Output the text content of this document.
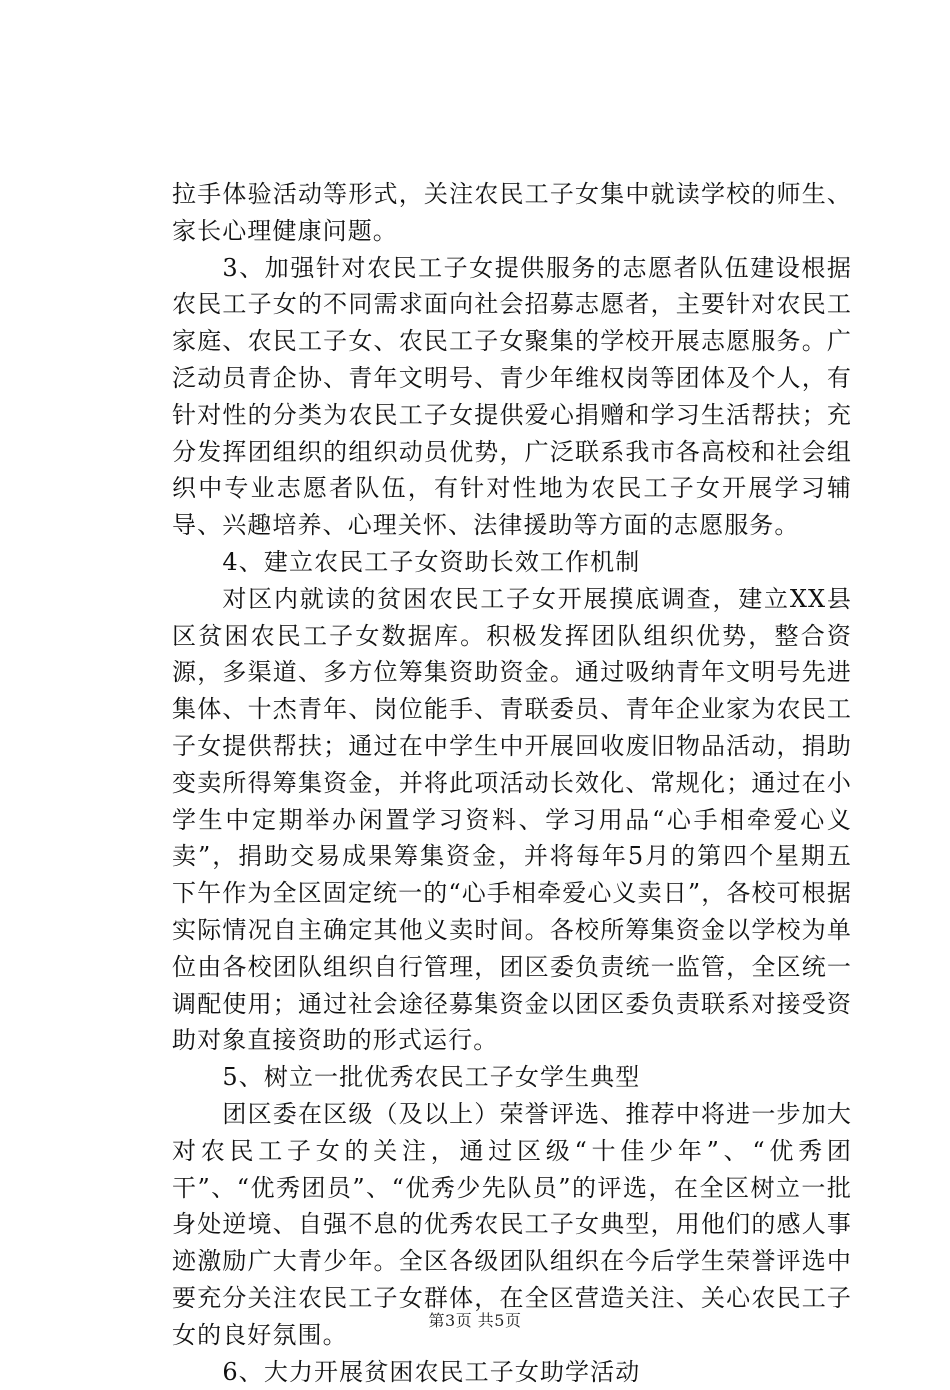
拉手体验活动等形式，关注农民工子女集中就读学校的师生、家长心理健康问题。

3、加强针对农民工子女提供服务的志愿者队伍建设根据农民工子女的不同需求面向社会招募志愿者，主要针对农民工家庭、农民工子女、农民工子女聚集的学校开展志愿服务。广泛动员青企协、青年文明号、青少年维权岗等团体及个人，有针对性的分类为农民工子女提供爱心捐赠和学习生活帮扶；充分发挥团组织的组织动员优势，广泛联系我市各高校和社会组织中专业志愿者队伍，有针对性地为农民工子女开展学习辅导、兴趣培养、心理关怀、法律援助等方面的志愿服务。

4、建立农民工子女资助长效工作机制

对区内就读的贫困农民工子女开展摸底调查，建立XX县区贫困农民工子女数据库。积极发挥团队组织优势，整合资源，多渠道、多方位筹集资助资金。通过吸纳青年文明号先进集体、十杰青年、岗位能手、青联委员、青年企业家为农民工子女提供帮扶；通过在中学生中开展回收废旧物品活动，捐助变卖所得筹集资金，并将此项活动长效化、常规化；通过在小学生中定期举办闲置学习资料、学习用品“心手相牵爱心义卖”，捐助交易成果筹集资金，并将每年5月的第四个星期五下午作为全区固定统一的“心手相牵爱心义卖日”，各校可根据实际情况自主确定其他义卖时间。各校所筹集资金以学校为单位由各校团队组织自行管理，团区委负责统一监管，全区统一调配使用；通过社会途径募集资金以团区委负责联系对接受资助对象直接资助的形式运行。

5、树立一批优秀农民工子女学生典型

团区委在区级（及以上）荣誉评选、推荐中将进一步加大对农民工子女的关注，通过区级“十佳少年”、“优秀团干”、“优秀团员”、“优秀少先队员”的评选，在全区树立一批身处逆境、自强不息的优秀农民工子女典型，用他们的感人事迹激励广大青少年。全区各级团队组织在今后学生荣誉评选中要充分关注农民工子女群体，在全区营造关注、关心农民工子女的良好氛围。

6、大力开展贫困农民工子女助学活动

第3页 共5页
